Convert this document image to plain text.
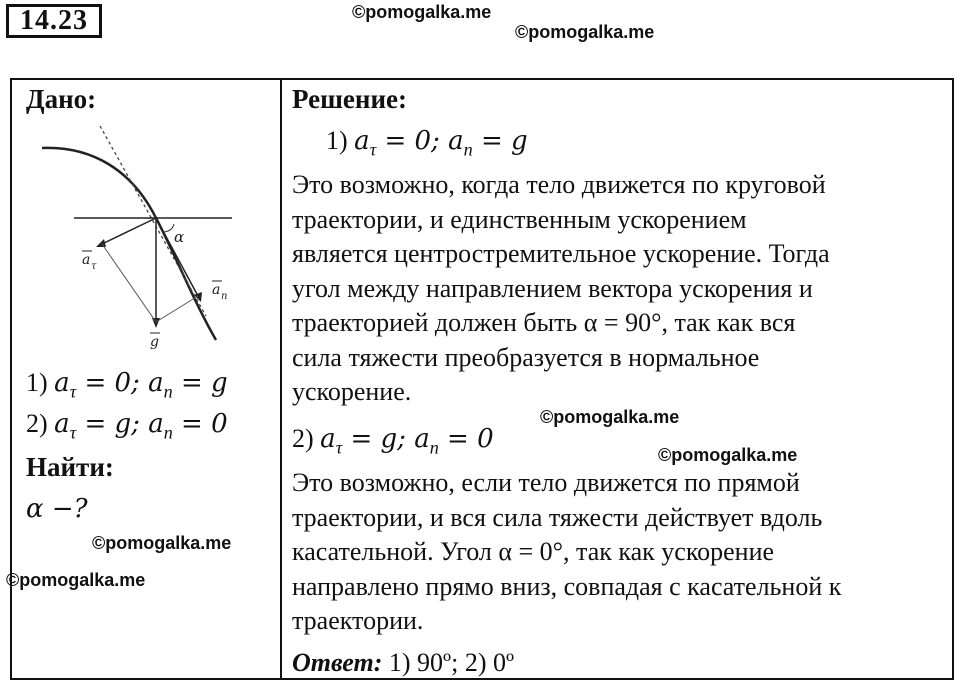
14.23	©pomogalka.me
©pomogalka.me
Дано:
α
a τ
a n
g
1) $a_\tau = 0$; $a_n = g$
2) $a_\tau = g$; $a_n = 0$
Найти:
α −?
Решение:
1) $a_\tau = 0$; $a_n = g$
Это возможно, когда тело движется по круговой
траектории, и единственным ускорением
является центростремительное ускорение. Тогда
угол между направлением вектора ускорения и
траекторией должен быть α = 90°, так как вся
сила тяжести преобразуется в нормальное
ускорение.
2) $a_\tau = g$; $a_n = 0$
Это возможно, если тело движется по прямой
траектории, и вся сила тяжести действует вдоль
касательной. Угол α = 0°, так как ускорение
направлено прямо вниз, совпадая с касательной к
траектории.
Ответ: 1) 90º; 2) 0º
©pomogalka.me
©pomogalka.me
©pomogalka.me
©pomogalka.me
